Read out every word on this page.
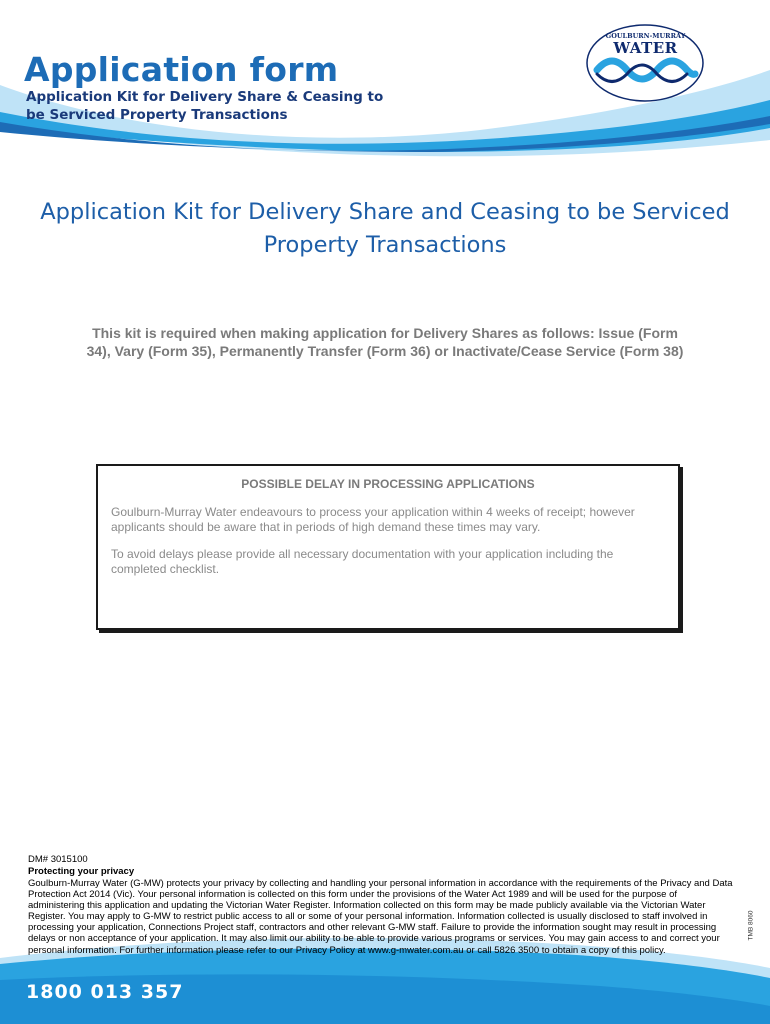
Application form
Application Kit for Delivery Share & Ceasing to be Serviced Property Transactions
GOULBURN-MURRAY
WATER
Application Kit for Delivery Share and Ceasing to be Serviced Property Transactions
This kit is required when making application for Delivery Shares as follows: Issue (Form 34), Vary (Form 35), Permanently Transfer (Form 36) or Inactivate/Cease Service (Form 38)
POSSIBLE DELAY IN PROCESSING APPLICATIONS
Goulburn-Murray Water endeavours to process your application within 4 weeks of receipt; however applicants should be aware that in periods of high demand these times may vary.
To avoid delays please provide all necessary documentation with your application including the completed checklist.
DM# 3015100
Protecting your privacy
Goulburn-Murray Water (G-MW) protects your privacy by collecting and handling your personal information in accordance with the requirements of the Privacy and Data Protection Act 2014 (Vic). Your personal information is collected on this form under the provisions of the Water Act 1989 and will be used for the purpose of administering this application and updating the Victorian Water Register. Information collected on this form may be made publicly available via the Victorian Water Register. You may apply to G-MW to restrict public access to all or some of your personal information. Information collected is usually disclosed to staff involved in processing your application, Connections Project staff, contractors and other relevant G-MW staff. Failure to provide the information sought may result in processing delays or non acceptance of your application. It may also limit our ability to be able to provide various programs or services. You may gain access to and correct your personal information. For further information please refer to our Privacy Policy at www.g-mwater.com.au or call 5826 3500 to obtain a copy of this policy.
TMB 8060
1800 013 357
